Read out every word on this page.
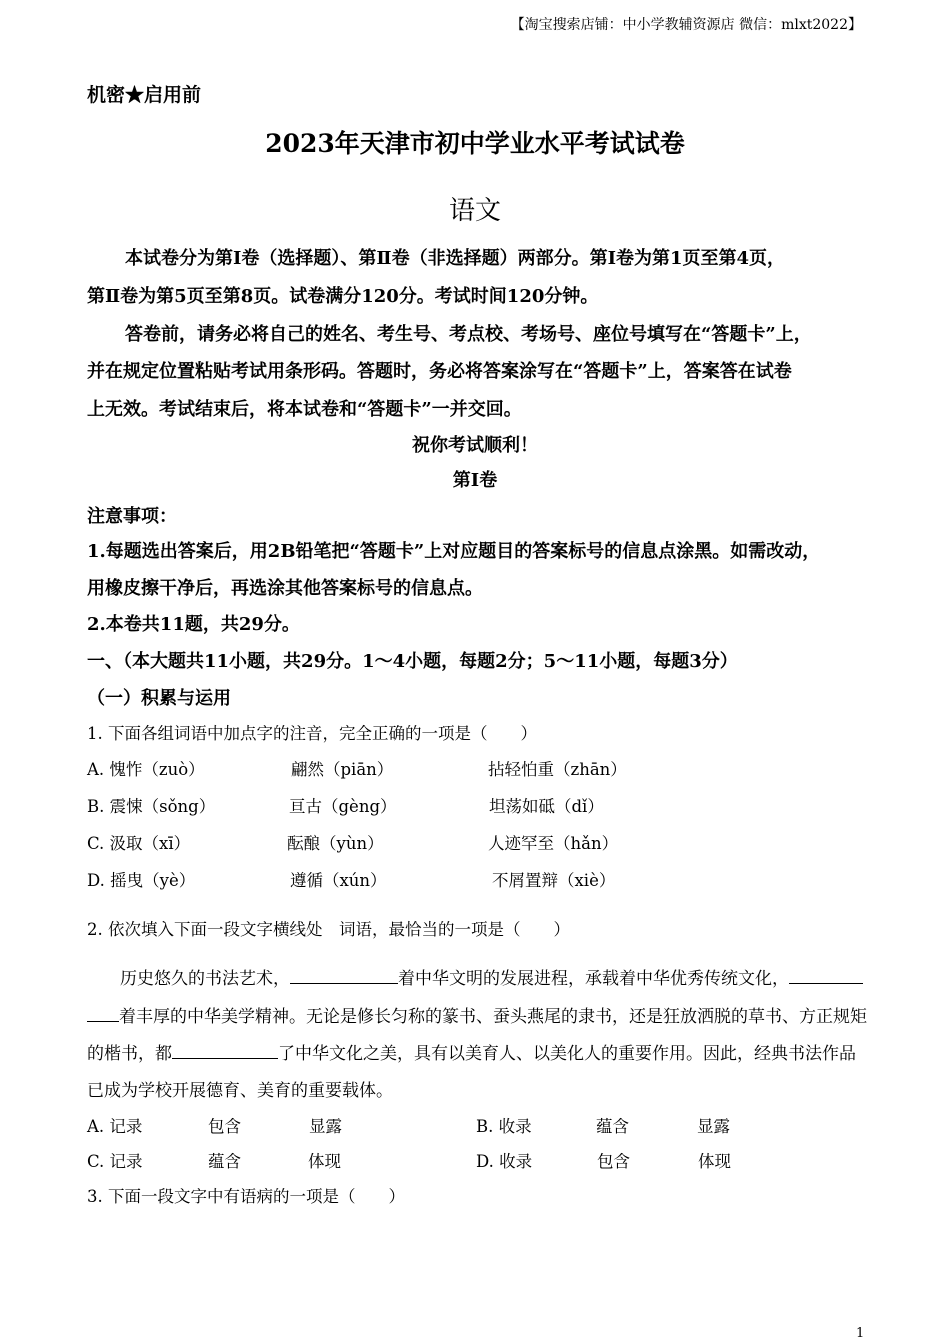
【淘宝搜索店铺：中小学教辅资源店 微信：mlxt2022】
机密★启用前
2023年天津市初中学业水平考试试卷
语文
本试卷分为第Ⅰ卷（选择题）、第Ⅱ卷（非选择题）两部分。第Ⅰ卷为第1页至第4页，
第Ⅱ卷为第5页至第8页。试卷满分120分。考试时间120分钟。
答卷前，请务必将自己的姓名、考生号、考点校、考场号、座位号填写在“答题卡”上，
并在规定位置粘贴考试用条形码。答题时，务必将答案涂写在“答题卡”上，答案答在试卷
上无效。考试结束后，将本试卷和“答题卡”一并交回。
祝你考试顺利！
第Ⅰ卷
注意事项：
1.每题选出答案后，用2B铅笔把“答题卡”上对应题目的答案标号的信息点涂黑。如需改动，
用橡皮擦干净后，再选涂其他答案标号的信息点。
2.本卷共11题，共29分。
一、（本大题共11小题，共29分。1～4小题，每题2分；5～11小题，每题3分）
（一）积累与运用
1. 下面各组词语中加点字的注音，完全正确的一项是（　　）
A. 愧怍（zuò）	翩然（piān）	拈轻怕重（zhān）
B. 震悚（sǒng）	亘古（gèng）	坦荡如砥（dǐ）
C. 汲取（xī）	酝酿（yùn）	人迹罕至（hǎn）
D. 摇曳（yè）	遵循（xún）	不屑置辩（xiè）
2. 依次填入下面一段文字横线处　词语，最恰当的一项是（　　）
历史悠久的书法艺术，	着中华文明的发展进程，承载着中华优秀传统文化，
着丰厚的中华美学精神。无论是修长匀称的篆书、蚕头燕尾的隶书，还是狂放洒脱的草书、方正规矩
的楷书，都	了中华文化之美，具有以美育人、以美化人的重要作用。因此，经典书法作品
已成为学校开展德育、美育的重要载体。
A. 记录	包含	显露	B. 收录	蕴含	显露
C. 记录	蕴含	体现	D. 收录	包含	体现
3. 下面一段文字中有语病的一项是（　　）
1
